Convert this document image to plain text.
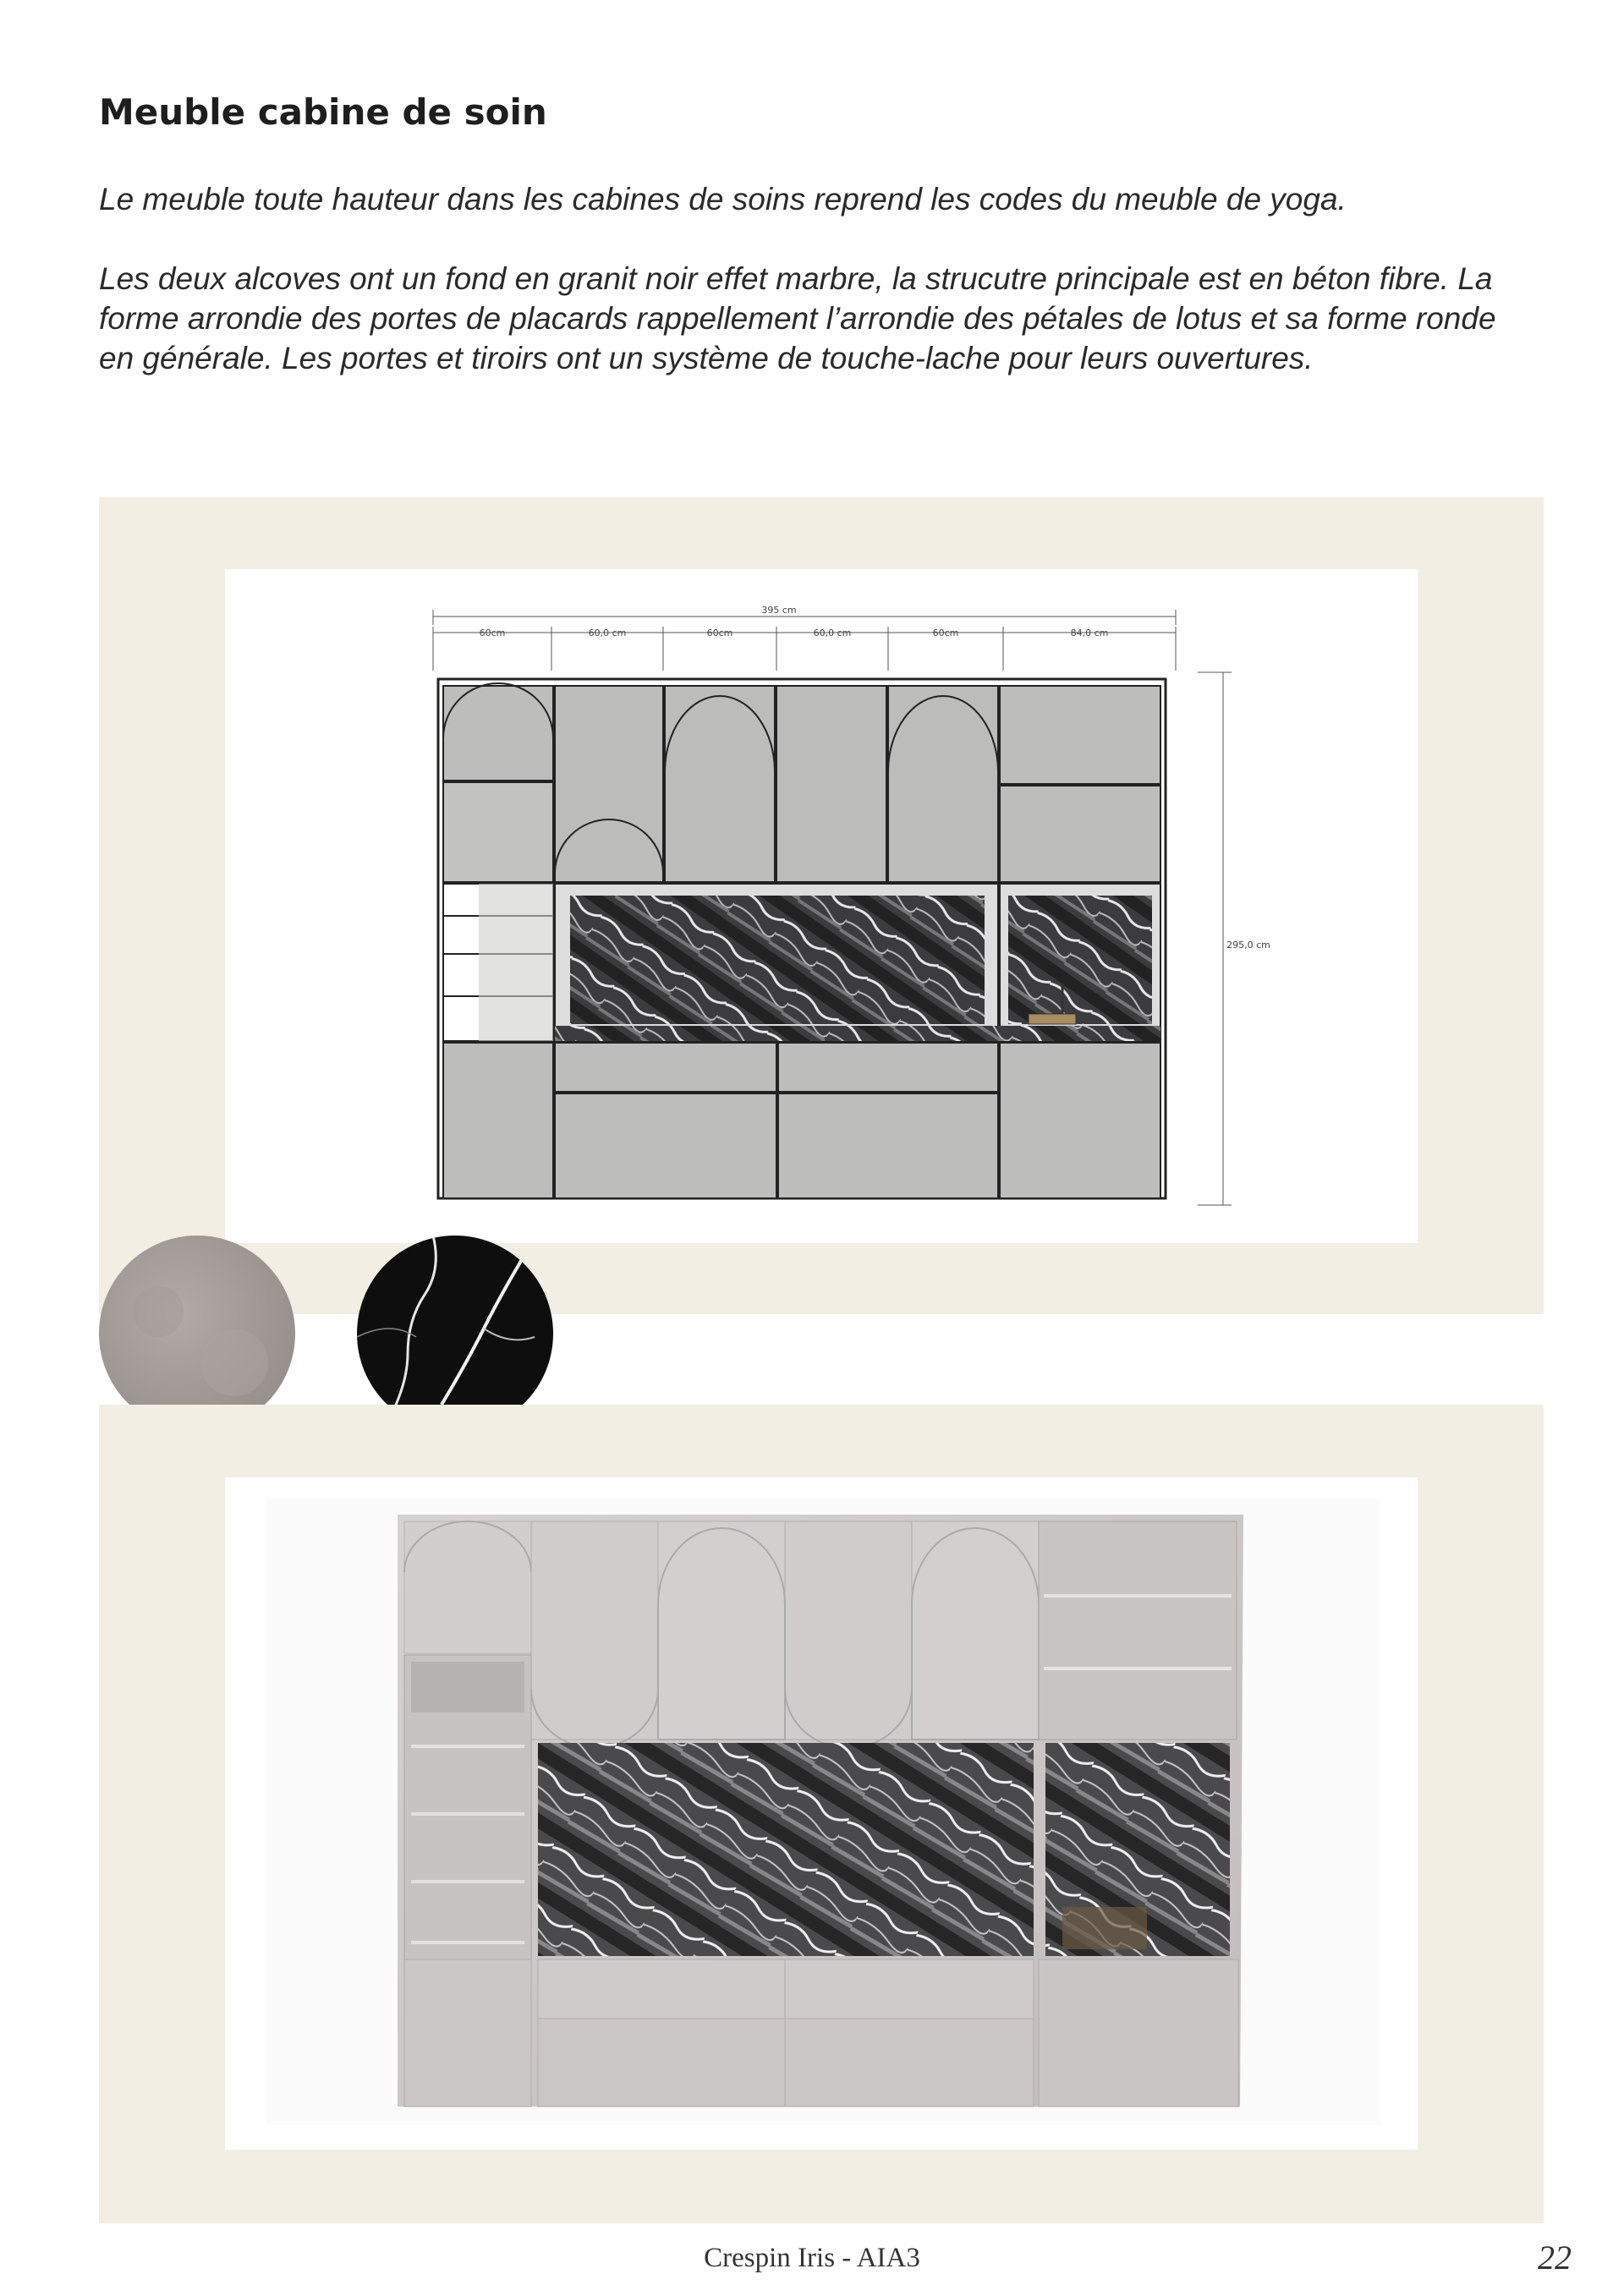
Meuble cabine de soin

Le meuble toute hauteur dans les cabines de soins reprend les codes du meuble de yoga.

Les deux alcoves ont un fond en granit noir effet marbre, la strucutre principale est en béton fibre. La forme arrondie des portes de placards rappellement l’arrondie des pétales de lotus et sa forme ronde en générale. Les portes et tiroirs ont un système de touche-lache pour leurs ouvertures.

395 cm
60cm	60,0 cm	60cm	60,0 cm	60cm	84,0 cm
295,0 cm
Crespin Iris - AIA3	22
